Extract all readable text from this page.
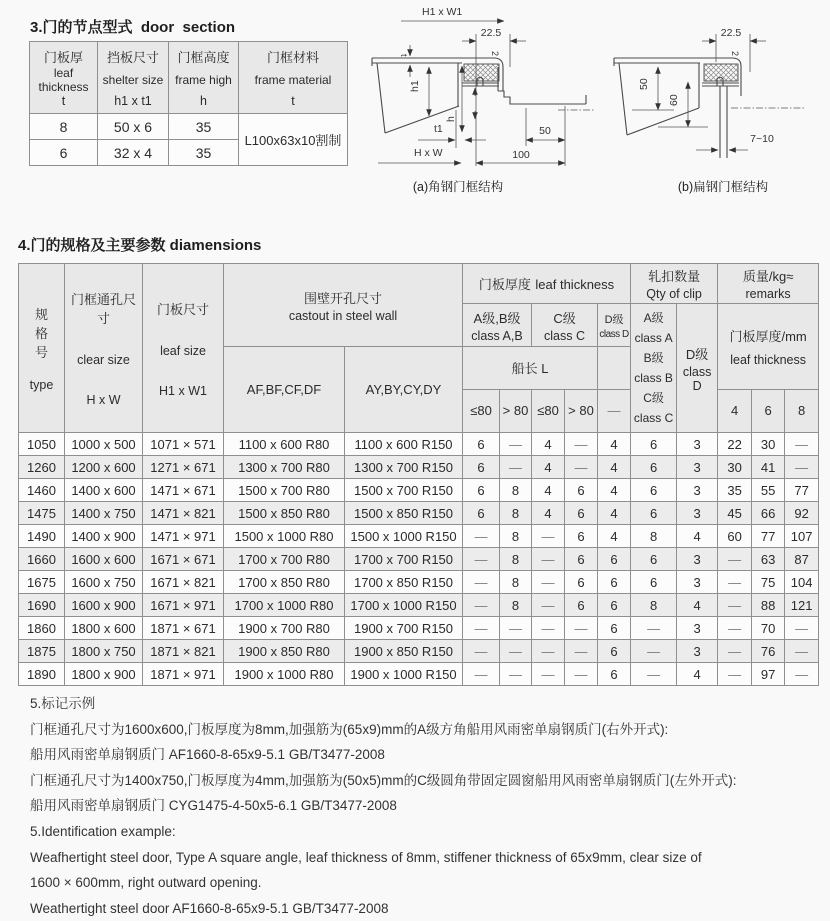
3.门的节点型式  door  section
门板厚
leaf thickness
t

挡板尺寸
shelter size
h1 x t1

门框高度
frame high
h

门框材料
frame material
t

8	50 x 6	35	L100x63x10割制
6	32 x 4	35	
H1 x W1
22.5
2
t
h1
h
t1
H x W
50
100
(a)角钢门框结构
22.5
2
50
60
7~10
(b)扁钢门框结构
4.门的规格及主要参数 diamensions
规
格
号
type

门框通孔尺寸
clear size
H x W

门板尺寸
leaf size
H1 x W1

围壁开孔尺寸
castout in steel wall

门板厚度 leaf thickness	轧扣数量
Qty of clip

质量/kg≈
remarks

A级,B级
class A,B

C级
class C

D级
class D

A级
class A
B级
class B
C级
class C

D级
class D

门板厚度/mm
leaf thickness

			AF,BF,CF,DF	AY,BY,CY,DY	船长 L									
					≤80	> 80	≤80	> 80	—			4	6	8
1050	1000 x 500	1071 × 571	1100 x 600 R80	1100 x 600 R150	6	—	4	—	4	6	3	22	30	—
1260	1200 x 600	1271 × 671	1300 x 700 R80	1300 x 700 R150	6	—	4	—	4	6	3	30	41	—
1460	1400 x 600	1471 × 671	1500 x 700 R80	1500 x 700 R150	6	8	4	6	4	6	3	35	55	77
1475	1400 x 750	1471 × 821	1500 x 850 R80	1500 x 850 R150	6	8	4	6	4	6	3	45	66	92
1490	1400 x 900	1471 × 971	1500 x 1000 R80	1500 x 1000 R150	—	8	—	6	4	8	4	60	77	107
1660	1600 x 600	1671 × 671	1700 x 700 R80	1700 x 700 R150	—	8	—	6	6	6	3	—	63	87
1675	1600 x 750	1671 × 821	1700 x 850 R80	1700 x 850 R150	—	8	—	6	6	6	3	—	75	104
1690	1600 x 900	1671 × 971	1700 x 1000 R80	1700 x 1000 R150	—	8	—	6	6	8	4	—	88	121
1860	1800 x 600	1871 × 671	1900 x 700 R80	1900 x 700 R150	—	—	—	—	6	—	3	—	70	—
1875	1800 x 750	1871 × 821	1900 x 850 R80	1900 x 850 R150	—	—	—	—	6	—	3	—	76	—
1890	1800 x 900	1871 × 971	1900 x 1000 R80	1900 x 1000 R150	—	—	—	—	6	—	4	—	97	—

5.标记示例

门框通孔尺寸为1600x600,门板厚度为8mm,加强筋为(65x9)mm的A级方角船用风雨密单扇钢质门(右外开式):

船用风雨密单扇钢质门 AF1660-8-65x9-5.1 GB/T3477-2008

门框通孔尺寸为1400x750,门板厚度为4mm,加强筋为(50x5)mm的C级圆角带固定圆窗船用风雨密单扇钢质门(左外开式):

船用风雨密单扇钢质门 CYG1475-4-50x5-6.1 GB/T3477-2008

5.Identification example:

Weafhertight steel door, Type A square angle, leaf thickness of 8mm, stiffener thickness of 65x9mm, clear size of

1600 × 600mm, right outward opening.

Weathertight steel door AF1660-8-65x9-5.1 GB/T3477-2008
